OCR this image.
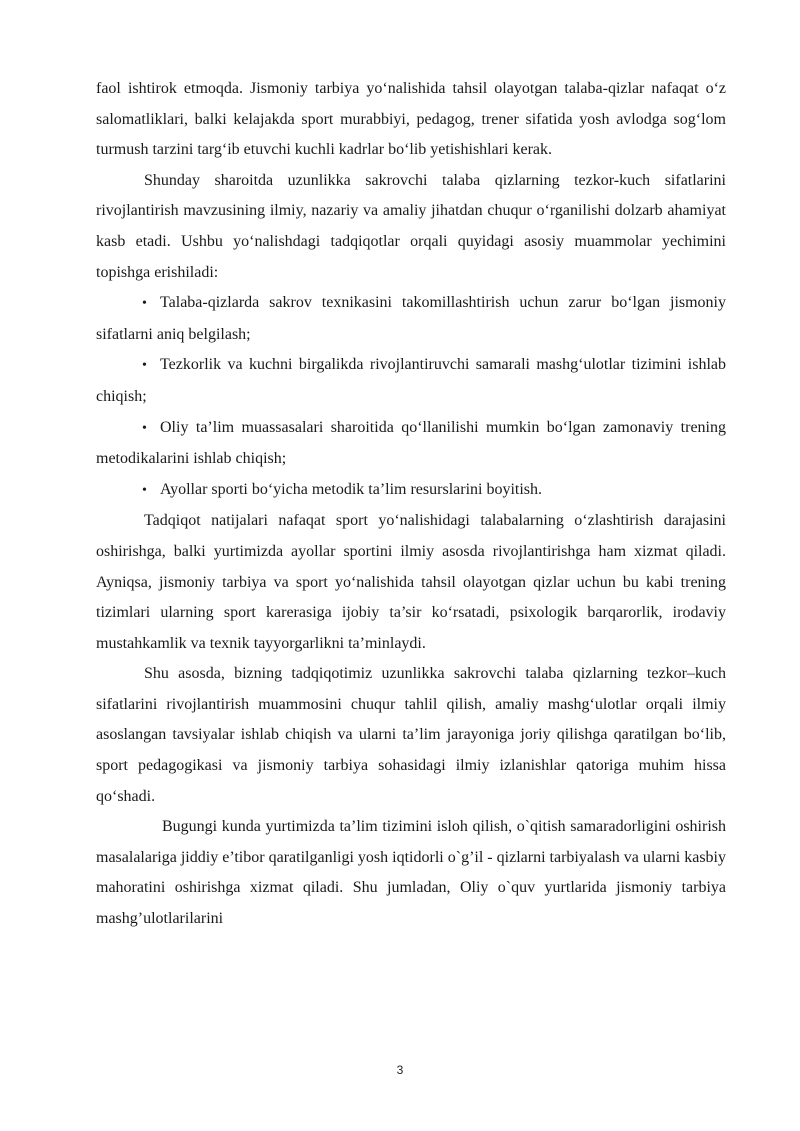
faol ishtirok etmoqda. Jismoniy tarbiya yo‘nalishida tahsil olayotgan talaba-qizlar nafaqat o‘z salomatliklari, balki kelajakda sport murabbiyi, pedagog, trener sifatida yosh avlodga sog‘lom turmush tarzini targ‘ib etuvchi kuchli kadrlar bo‘lib yetishishlari kerak.

Shunday sharoitda uzunlikka sakrovchi talaba qizlarning tezkor-kuch sifatlarini rivojlantirish mavzusining ilmiy, nazariy va amaliy jihatdan chuqur o‘rganilishi dolzarb ahamiyat kasb etadi. Ushbu yo‘nalishdagi tadqiqotlar orqali quyidagi asosiy muammolar yechimini topishga erishiladi:

• Talaba-qizlarda sakrov texnikasini takomillashtirish uchun zarur bo‘lgan jismoniy sifatlarni aniq belgilash;

• Tezkorlik va kuchni birgalikda rivojlantiruvchi samarali mashg‘ulotlar tizimini ishlab chiqish;

• Oliy ta’lim muassasalari sharoitida qo‘llanilishi mumkin bo‘lgan zamonaviy trening metodikalarini ishlab chiqish;

• Ayollar sporti bo‘yicha metodik ta’lim resurslarini boyitish.

Tadqiqot natijalari nafaqat sport yo‘nalishidagi talabalarning o‘zlashtirish darajasini oshirishga, balki yurtimizda ayollar sportini ilmiy asosda rivojlantirishga ham xizmat qiladi. Ayniqsa, jismoniy tarbiya va sport yo‘nalishida tahsil olayotgan qizlar uchun bu kabi trening tizimlari ularning sport karerasiga ijobiy ta’sir ko‘rsatadi, psixologik barqarorlik, irodaviy mustahkamlik va texnik tayyorgarlikni ta’minlaydi.

Shu asosda, bizning tadqiqotimiz uzunlikka sakrovchi talaba qizlarning tezkor–kuch sifatlarini rivojlantirish muammosini chuqur tahlil qilish, amaliy mashg‘ulotlar orqali ilmiy asoslangan tavsiyalar ishlab chiqish va ularni ta’lim jarayoniga joriy qilishga qaratilgan bo‘lib, sport pedagogikasi va jismoniy tarbiya sohasidagi ilmiy izlanishlar qatoriga muhim hissa qo‘shadi.

Bugungi kunda yurtimizda ta’lim tizimini isloh qilish, o`qitish samaradorligini oshirish masalalariga jiddiy e’tibor qaratilganligi yosh iqtidorli o`g’il - qizlarni tarbiyalash va ularni kasbiy mahoratini oshirishga xizmat qiladi. Shu jumladan, Oliy o`quv yurtlarida jismoniy tarbiya mashg’ulotlarilarini

3
